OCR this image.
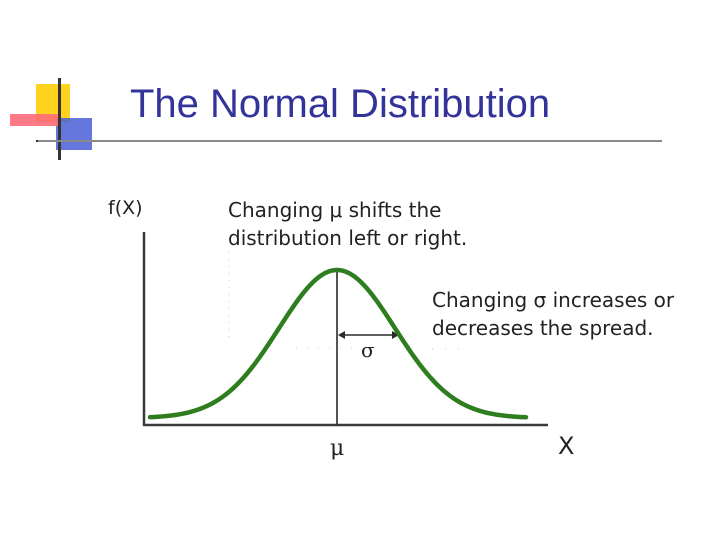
The Normal Distribution
f(X)	Changing μ shifts the
distribution left or right.
Changing σ increases or
decreases the spread.
σ
μ	X
